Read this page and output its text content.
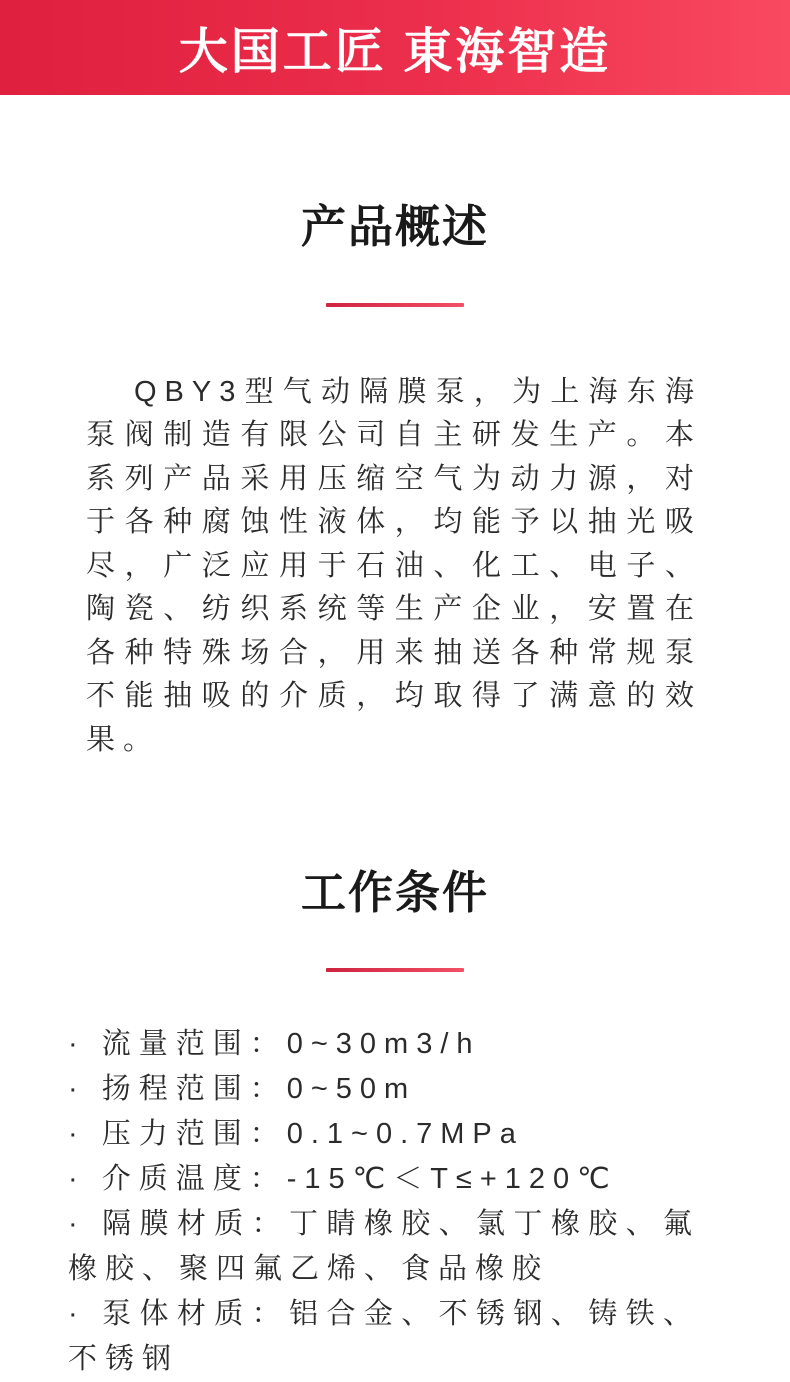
大国工匠 東海智造
产品概述

QBY3型气动隔膜泵，为上海东海泵阀制造有限公司自主研发生产。本系列产品采用压缩空气为动力源，对于各种腐蚀性液体，均能予以抽光吸尽，广泛应用于石油、化工、电子、陶瓷、纺织系统等生产企业，安置在各种特殊场合，用来抽送各种常规泵不能抽吸的介质，均取得了满意的效果。

工作条件
· 流量范围：0~30m3/h
· 扬程范围：0~50m
· 压力范围：0.1~0.7MPa
· 介质温度：-15℃＜T≤+120℃
· 隔膜材质：丁睛橡胶、氯丁橡胶、氟橡胶、聚四氟乙烯、食品橡胶
· 泵体材质：铝合金、不锈钢、铸铁、不锈钢
